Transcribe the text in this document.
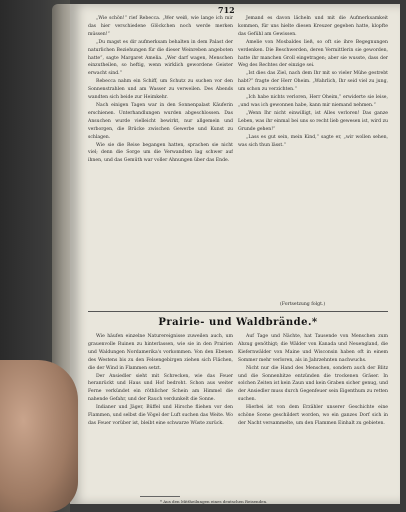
712

„Wie schön!“ rief Rebecca. „Wer weiß, wie lange ich mir das hier verschiedene Glöckchen noch werde merken müssen!“

„Du magst es dir aufmerksam behalten in dem Palast der naturlichen Beziehungen für die dieser Weinreben angeboten hatte“, sagte Margaret Amelia. „Wer darf wagen, Menschen einzutheilen, so heftig, wenn wirklich gewordene Geister erwacht sind.“

Rebecca nahm ein Schiff, um Schutz zu suchen vor den Sonnenstrahlen und am Wasser zu verweilen. Des Abends wandten sich beide zur Heimkehr.

Nach einigen Tagen war in den Sonnenpalast Käuferin erschienen. Unterhandlungen wurden abgeschlossen. Das Ansuchen wurde vielleicht bewirkt, nur allgemein und verborgen, die Brücke zwischen Gewerbe und Kunst zu schlagen.

Wie sie die Reise begangen hatten, sprachen sie nicht viel; denn die Sorge um die Verwandten lag schwer auf ihnen, und das Gemüth war voller Ahnungen über das Ende.

Jemand es davon lächeln und mit die Aufmerksamkeit kommen, für uns hielte diesen Kreuzer gegeben hatte, klopfte das Gefühl am Gewissen.

Amelie von Mosbaldes ließ, so oft sie ihre Begegnungen verdenken. Die Beschwerden, deren Vermittlerin sie geworden, hatte ihr manchen Groll eingetragen; aber sie wusste, dass der Weg des Rechtes der einzige sei.

„Ist dies das Ziel, nach dem Ihr mit so vieler Mühe gestrebt habt?“ fragte der Herr Oheim. „Wahrlich, Ihr seid viel zu jung, um schon zu verzichten.“

„Ich habe nichts verloren, Herr Oheim,“ erwiderte sie leise, „und was ich gewonnen habe, kann mir niemand nehmen.“

„Wenn Ihr nicht einwilligt, ist Alles verloren! Das ganze Leben, was ihr einmal bei uns so recht lieb gewesen ist, wird zu Grunde gehen!“

„Lass es gut sein, mein Kind,“ sagte er, „wir wollen sehen, was sich thun lässt.“

(Fortsetzung folgt.)
Prairie- und Waldbrände.*

Wie häufen einzelne Naturereignisse zuweilen auch, um grauenvolle Ruinen zu hinterlassen, wie sie in den Prairien und Waldungen Nordamerika's vorkommen. Von den Ebenen des Westens bis zu den Felsengebirgen ziehen sich Flächen, die der Wind in Flammen setzt.

Der Ansiedler sieht mit Schrecken, wie das Feuer heranrückt und Haus und Hof bedroht. Schon aus weiter Ferne verkündet ein röthlicher Schein am Himmel die nahende Gefahr, und der Rauch verdunkelt die Sonne.

Indianer und Jäger, Büffel und Hirsche fliehen vor den Flammen, und selbst die Vögel der Luft suchen das Weite. Wo das Feuer vorüber ist, bleibt eine schwarze Wüste zurück.

Auf Tage und Nächte, hat Tausende von Menschen zum Abzug genöthigt; die Wälder von Kanada und Neuengland, die Kiefernwälder von Maine und Wisconsin haben oft in einem Sommer mehr verloren, als in Jahrzehnten nachwuchs.

Nicht nur die Hand des Menschen, sondern auch der Blitz und die Sonnenhitze entzünden die trockenen Gräser. In solchen Zeiten ist kein Zaun und kein Graben sicher genug, und der Ansiedler muss durch Gegenfeuer sein Eigenthum zu retten suchen.

Hierbei ist von dem Erzähler unserer Geschichte eine schöne Scene geschildert worden, wo ein ganzes Dorf sich in der Nacht versammelte, um den Flammen Einhalt zu gebieten.

* Aus den Mittheilungen eines deutschen Reisenden.
